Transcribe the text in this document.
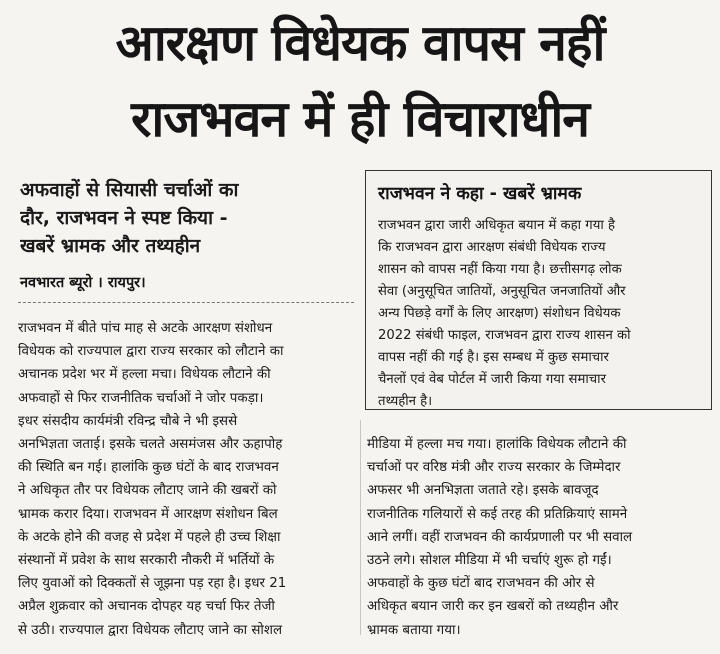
आरक्षण विधेयक वापस नहीं
राजभवन में ही विचाराधीन
अफवाहों से सियासी चर्चाओं का
दौर, राजभवन ने स्पष्ट किया -
खबरें भ्रामक और तथ्यहीन
नवभारत ब्यूरो । रायपुर।
राजभवन में बीते पांच माह से अटके आरक्षण संशोधन
विधेयक को राज्यपाल द्वारा राज्य सरकार को लौटाने का
अचानक प्रदेश भर में हल्ला मचा। विधेयक लौटाने की
अफवाहों से फिर राजनीतिक चर्चाओं ने जोर पकड़ा।
इधर संसदीय कार्यमंत्री रविन्द्र चौबे ने भी इससे
अनभिज्ञता जताई। इसके चलते असमंजस और ऊहापोह
की स्थिति बन गई। हालांकि कुछ घंटों के बाद राजभवन
ने अधिकृत तौर पर विधेयक लौटाए जाने की खबरों को
भ्रामक करार दिया। राजभवन में आरक्षण संशोधन बिल
के अटके होने की वजह से प्रदेश में पहले ही उच्च शिक्षा
संस्थानों में प्रवेश के साथ सरकारी नौकरी में भर्तियों के
लिए युवाओं को दिक्कतों से जूझना पड़ रहा है। इधर 21
अप्रैल शुक्रवार को अचानक दोपहर यह चर्चा फिर तेजी
से उठी। राज्यपाल द्वारा विधेयक लौटाए जाने का सोशल
राजभवन ने कहा - खबरें भ्रामक
राजभवन द्वारा जारी अधिकृत बयान में कहा गया है
कि राजभवन द्वारा आरक्षण संबंधी विधेयक राज्य
शासन को वापस नहीं किया गया है। छत्तीसगढ़ लोक
सेवा (अनुसूचित जातियों, अनुसूचित जनजातियों और
अन्य पिछड़े वर्गों के लिए आरक्षण) संशोधन विधेयक
2022 संबंधी फाइल, राजभवन द्वारा राज्य शासन को
वापस नहीं की गई है। इस सम्बध में कुछ समाचार
चैनलों एवं वेब पोर्टल में जारी किया गया समाचार
तथ्यहीन है।
मीडिया में हल्ला मच गया। हालांकि विधेयक लौटाने की
चर्चाओं पर वरिष्ठ मंत्री और राज्य सरकार के जिम्मेदार
अफसर भी अनभिज्ञता जताते रहे। इसके बावजूद
राजनीतिक गलियारों से कई तरह की प्रतिक्रियाएं सामने
आने लगीं। वहीं राजभवन की कार्यप्रणाली पर भी सवाल
उठने लगे। सोशल मीडिया में भी चर्चाएं शुरू हो गईं।
अफवाहों के कुछ घंटों बाद राजभवन की ओर से
अधिकृत बयान जारी कर इन खबरों को तथ्यहीन और
भ्रामक बताया गया।
